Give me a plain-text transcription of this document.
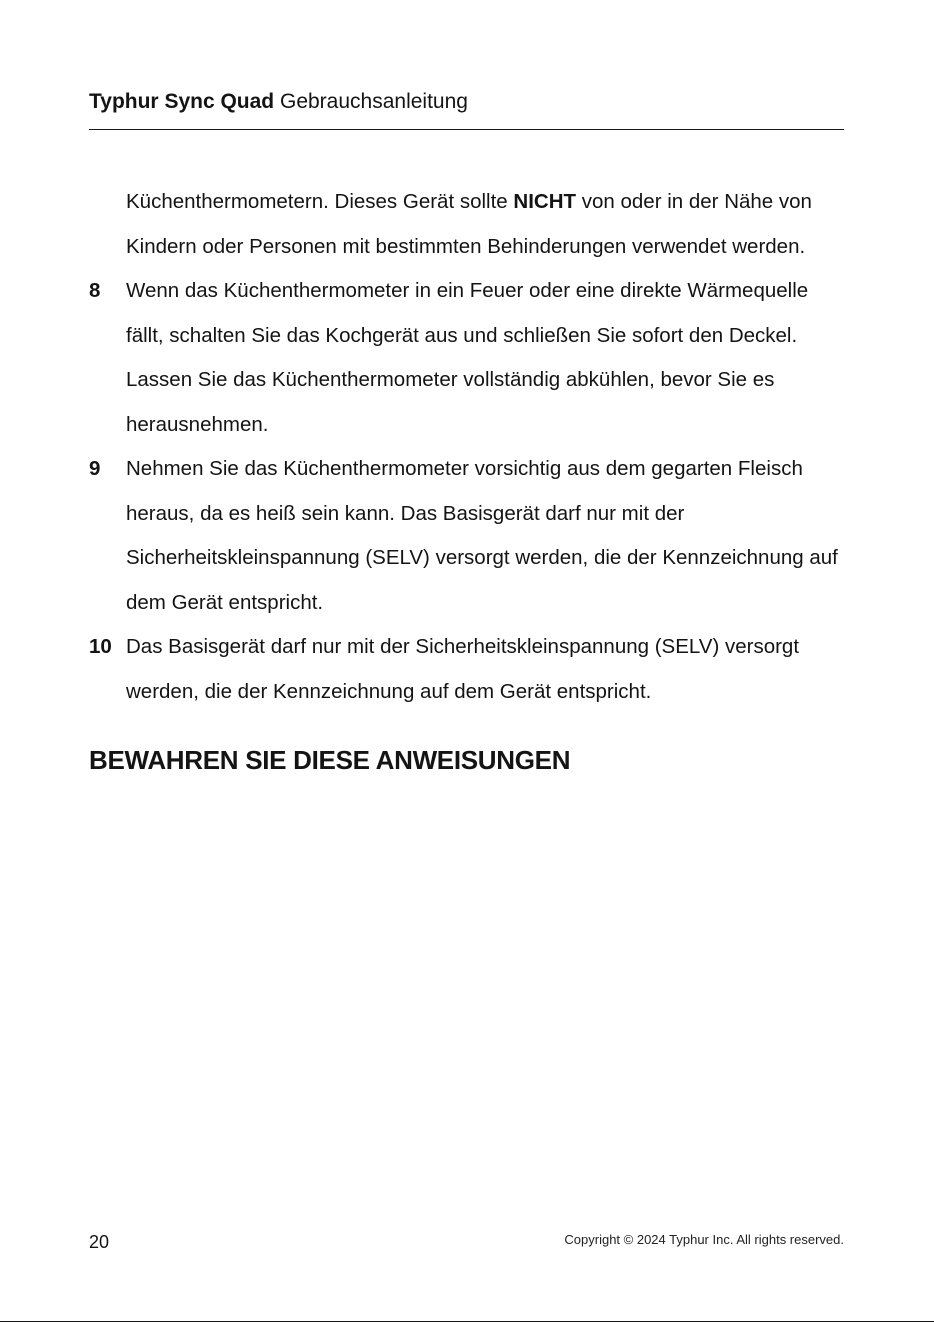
Typhur Sync Quad Gebrauchsanleitung

Küchenthermometern. Dieses Gerät sollte NICHT von oder in der Nähe von Kindern oder Personen mit bestimmten Behinderungen verwendet werden.

8 Wenn das Küchenthermometer in ein Feuer oder eine direkte Wärmequelle fällt, schalten Sie das Kochgerät aus und schließen Sie sofort den Deckel. Lassen Sie das Küchenthermometer vollständig abkühlen, bevor Sie es herausnehmen.

9 Nehmen Sie das Küchenthermometer vorsichtig aus dem gegarten Fleisch heraus, da es heiß sein kann. Das Basisgerät darf nur mit der Sicherheitskleinspannung (SELV) versorgt werden, die der Kennzeichnung auf dem Gerät entspricht.

10 Das Basisgerät darf nur mit der Sicherheitskleinspannung (SELV) versorgt werden, die der Kennzeichnung auf dem Gerät entspricht.

BEWAHREN SIE DIESE ANWEISUNGEN
20	Copyright © 2024 Typhur Inc. All rights reserved.
